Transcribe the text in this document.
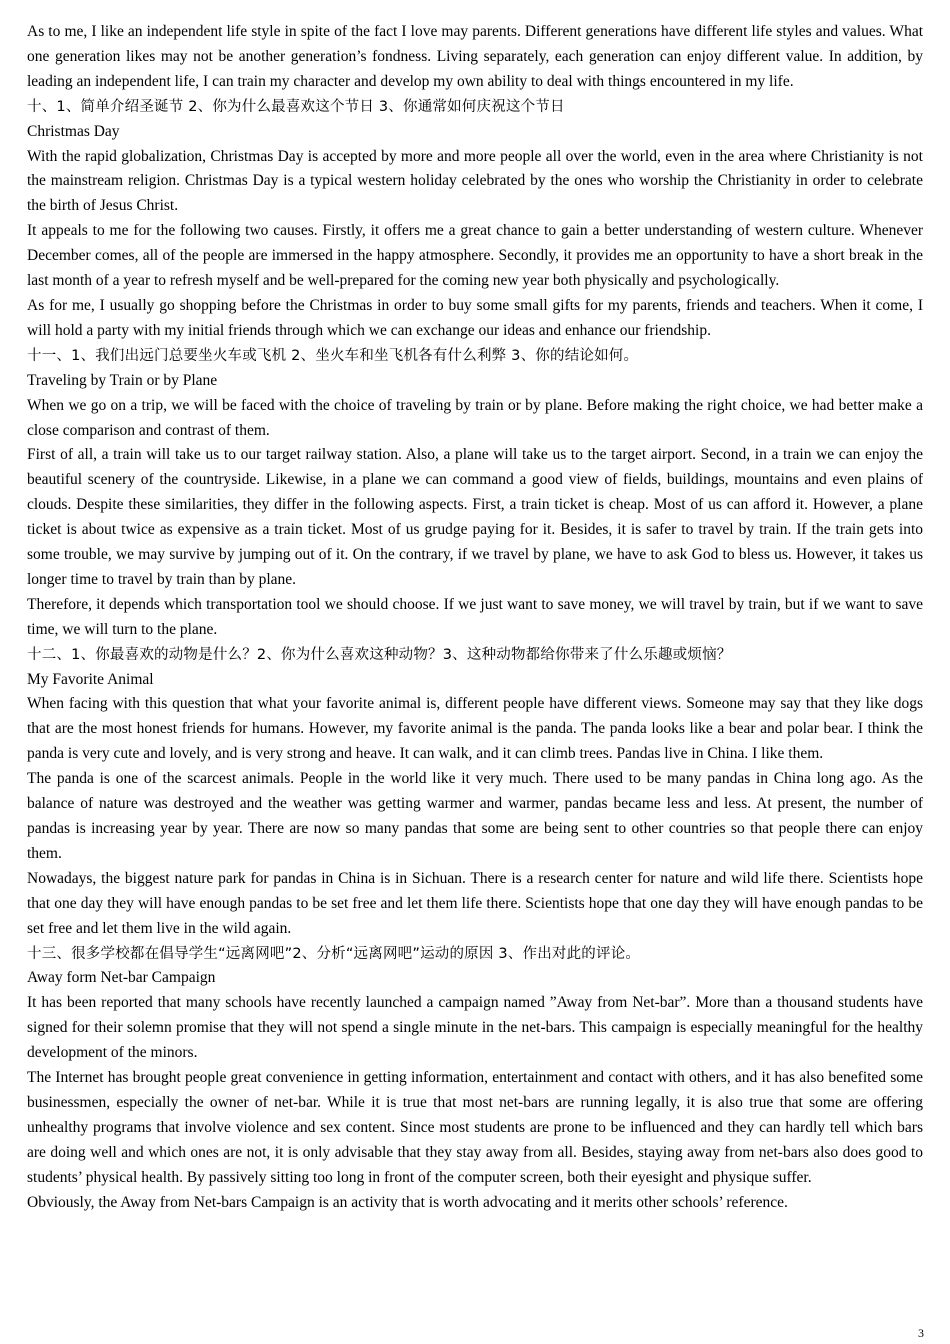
As to me, I like an independent life style in spite of the fact I love may parents. Different generations have different life styles and values. What one generation likes may not be another generation’s fondness. Living separately, each generation can enjoy different value. In addition, by leading an independent life, I can train my character and develop my own ability to deal with things encountered in my life.

十、1、简单介绍圣诞节 2、你为什么最喜欢这个节日 3、你通常如何庆祝这个节日

Christmas Day

With the rapid globalization, Christmas Day is accepted by more and more people all over the world, even in the area where Christianity is not the mainstream religion. Christmas Day is a typical western holiday celebrated by the ones who worship the Christianity in order to celebrate the birth of Jesus Christ.

It appeals to me for the following two causes. Firstly, it offers me a great chance to gain a better understanding of western culture. Whenever December comes, all of the people are immersed in the happy atmosphere. Secondly, it provides me an opportunity to have a short break in the last month of a year to refresh myself and be well-prepared for the coming new year both physically and psychologically.

As for me, I usually go shopping before the Christmas in order to buy some small gifts for my parents, friends and teachers. When it come, I will hold a party with my initial friends through which we can exchange our ideas and enhance our friendship.

十一、1、我们出远门总要坐火车或飞机 2、坐火车和坐飞机各有什么利弊 3、你的结论如何。

Traveling by Train or by Plane

When we go on a trip, we will be faced with the choice of traveling by train or by plane. Before making the right choice, we had better make a close comparison and contrast of them.

First of all, a train will take us to our target railway station. Also, a plane will take us to the target airport. Second, in a train we can enjoy the beautiful scenery of the countryside. Likewise, in a plane we can command a good view of fields, buildings, mountains and even plains of clouds. Despite these similarities, they differ in the following aspects. First, a train ticket is cheap. Most of us can afford it. However, a plane ticket is about twice as expensive as a train ticket. Most of us grudge paying for it. Besides, it is safer to travel by train. If the train gets into some trouble, we may survive by jumping out of it. On the contrary, if we travel by plane, we have to ask God to bless us. However, it takes us longer time to travel by train than by plane.

Therefore, it depends which transportation tool we should choose. If we just want to save money, we will travel by train, but if we want to save time, we will turn to the plane.

十二、1、你最喜欢的动物是什么？2、你为什么喜欢这种动物？3、这种动物都给你带来了什么乐趣或烦恼？

My Favorite Animal

When facing with this question that what your favorite animal is, different people have different views. Someone may say that they like dogs that are the most honest friends for humans. However, my favorite animal is the panda. The panda looks like a bear and polar bear. I think the panda is very cute and lovely, and is very strong and heave. It can walk, and it can climb trees. Pandas live in China. I like them.

The panda is one of the scarcest animals. People in the world like it very much. There used to be many pandas in China long ago. As the balance of nature was destroyed and the weather was getting warmer and warmer, pandas became less and less. At present, the number of pandas is increasing year by year. There are now so many pandas that some are being sent to other countries so that people there can enjoy them.

Nowadays, the biggest nature park for pandas in China is in Sichuan. There is a research center for nature and wild life there. Scientists hope that one day they will have enough pandas to be set free and let them life there. Scientists hope that one day they will have enough pandas to be set free and let them live in the wild again.

十三、很多学校都在倡导学生“远离网吧”2、分析“远离网吧”运动的原因 3、作出对此的评论。

Away form Net-bar Campaign

It has been reported that many schools have recently launched a campaign named ”Away from Net-bar”. More than a thousand students have signed for their solemn promise that they will not spend a single minute in the net-bars. This campaign is especially meaningful for the healthy development of the minors.

The Internet has brought people great convenience in getting information, entertainment and contact with others, and it has also benefited some businessmen, especially the owner of net-bar. While it is true that most net-bars are running legally, it is also true that some are offering unhealthy programs that involve violence and sex content. Since most students are prone to be influenced and they can hardly tell which bars are doing well and which ones are not, it is only advisable that they stay away from all. Besides, staying away from net-bars also does good to students’ physical health. By passively sitting too long in front of the computer screen, both their eyesight and physique suffer.

Obviously, the Away from Net-bars Campaign is an activity that is worth advocating and it merits other schools’ reference.

3
